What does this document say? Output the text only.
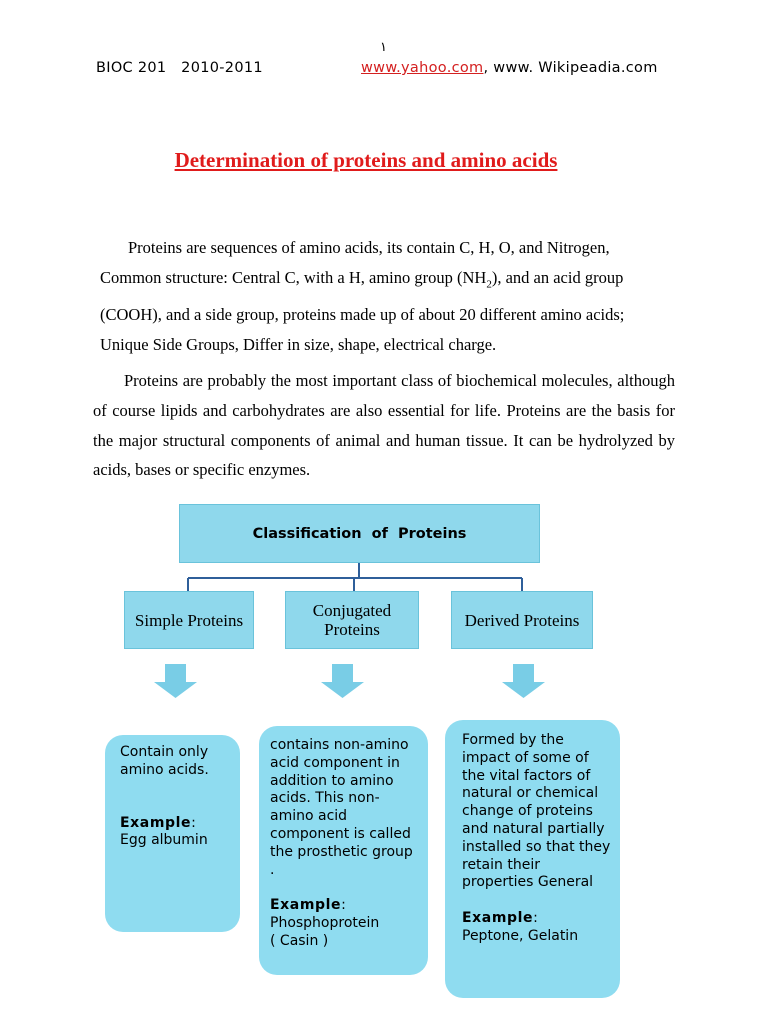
١
BIOC 201   2010-2011	www.yahoo.com, www. Wikipeadia.com
Determination of proteins and amino acids
Proteins are sequences of amino acids, its contain C, H, O, and Nitrogen,
Common structure: Central C, with a H, amino group $(NH_2)$, and an acid group
(COOH), and a side group, proteins made up of about 20 different amino acids;
Unique Side Groups, Differ in size, shape, electrical charge.
Proteins are probably the most important class of biochemical molecules, although of course lipids and carbohydrates are also essential for life. Proteins are the basis for the major structural components of animal and human tissue. It can be hydrolyzed by acids, bases or specific enzymes.
Classification  of  Proteins
Simple Proteins	Conjugated
Proteins	Derived Proteins
Contain only amino acids.
Example:
Egg albumin
contains non-amino acid component in addition to amino acids. This non-amino acid component is called the prosthetic group .
Example:
Phosphoprotein
( Casin )
Formed by the impact of some of the vital factors of natural or chemical change of proteins and natural partially installed so that they retain their properties General
Example:
Peptone, Gelatin
